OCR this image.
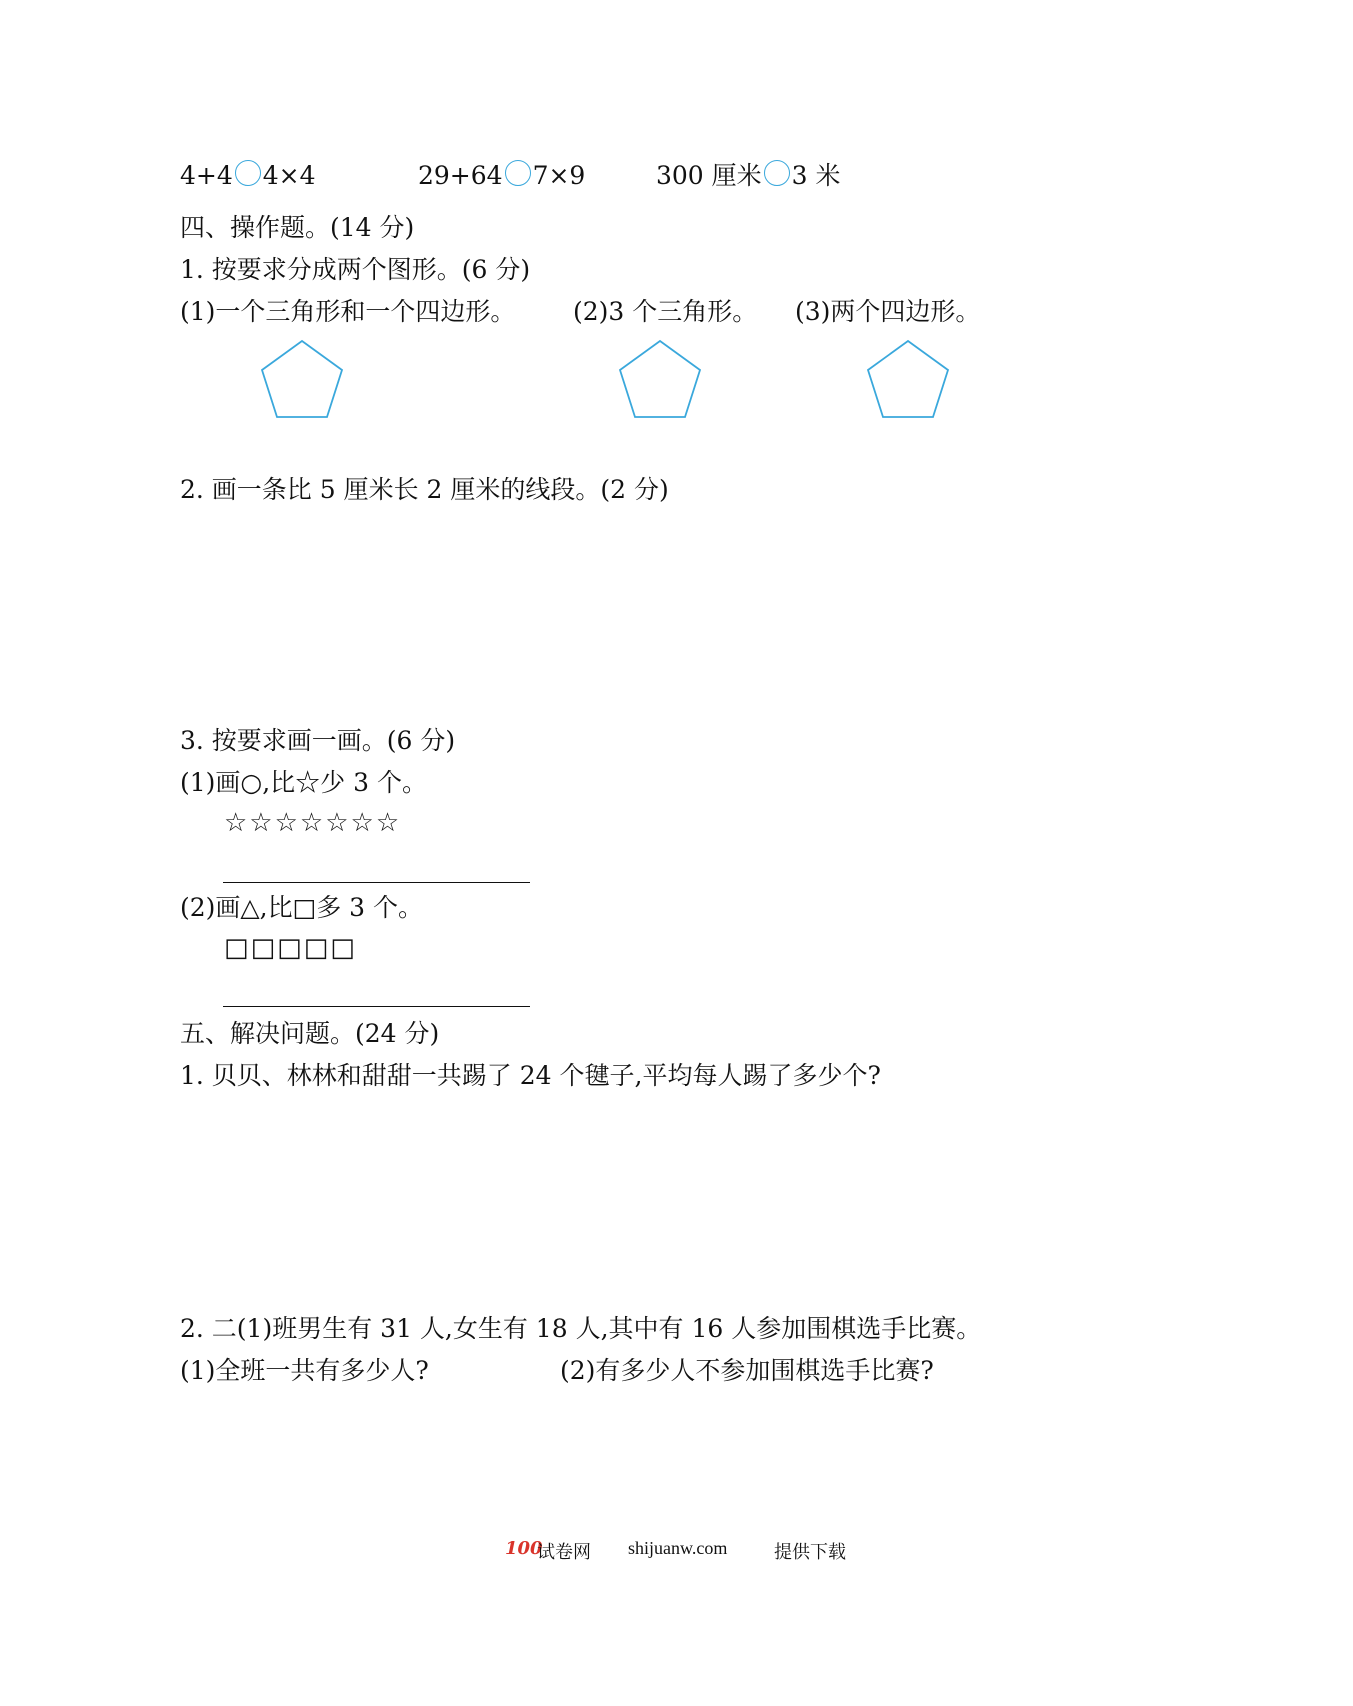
4+4 4×4	29+64 7×9	300 厘米 3 米
四、操作题。(14 分)
1. 按要求分成两个图形。(6 分)
(1)一个三角形和一个四边形。 (2)3 个三角形。 (3)两个四边形。
2. 画一条比 5 厘米长 2 厘米的线段。(2 分)
3. 按要求画一画。(6 分)
(1)画○,比☆少 3 个。
☆☆☆☆☆☆☆
(2)画△,比□多 3 个。
□□□□□
五、解决问题。(24 分)
1. 贝贝、林林和甜甜一共踢了 24 个毽子,平均每人踢了多少个?
2. 二(1)班男生有 31 人,女生有 18 人,其中有 16 人参加围棋选手比赛。
(1)全班一共有多少人?	(2)有多少人不参加围棋选手比赛?
100
试卷网 shijuanw.com	提供下载
